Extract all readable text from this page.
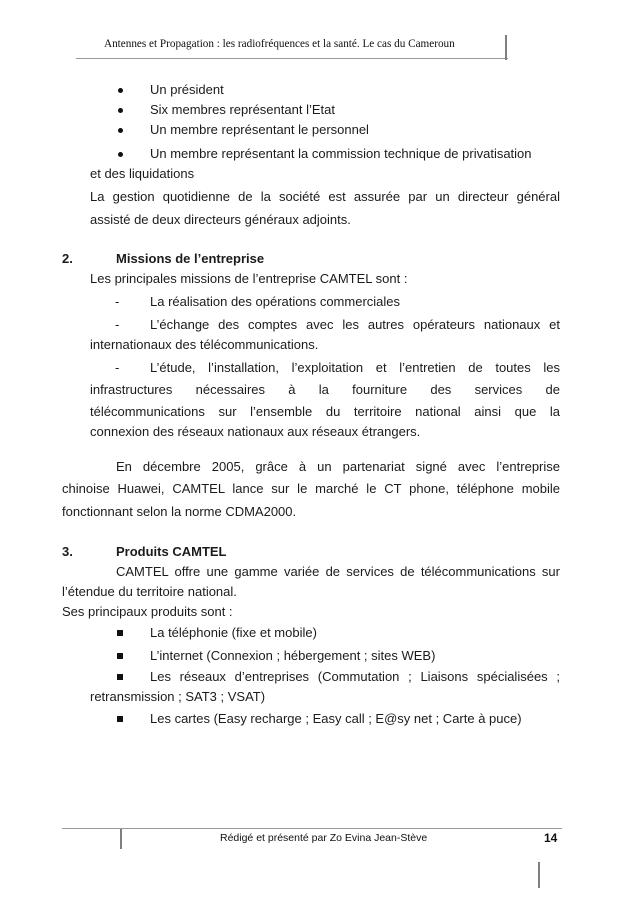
Antennes et Propagation : les radiofréquences et la santé. Le cas du Cameroun
Un président
Six membres représentant l’Etat
Un membre représentant le personnel
Un membre représentant la commission technique de privatisation
et des liquidations
La gestion quotidienne de la société est assurée par un directeur général
assisté de deux directeurs généraux adjoints.
2.	Missions de l’entreprise
Les principales missions de l’entreprise CAMTEL sont :
- La réalisation des opérations commerciales
- L’échange des comptes avec les autres opérateurs nationaux et
internationaux des télécommunications.
- L’étude, l’installation, l’exploitation et l’entretien de toutes les
infrastructures nécessaires à la fourniture des services de
télécommunications sur l’ensemble du territoire national ainsi que la
connexion des réseaux nationaux aux réseaux étrangers.
En décembre 2005, grâce à un partenariat signé avec l’entreprise
chinoise Huawei, CAMTEL lance sur le marché le CT phone, téléphone mobile
fonctionnant selon la norme CDMA2000.
3.	Produits CAMTEL
CAMTEL offre une gamme variée de services de télécommunications sur
l’étendue du territoire national.
Ses principaux produits sont :
La téléphonie (fixe et mobile)
L’internet (Connexion ; hébergement ; sites WEB)
Les réseaux d’entreprises (Commutation ; Liaisons spécialisées ;
retransmission ; SAT3 ; VSAT)
Les cartes (Easy recharge ; Easy call ; E@sy net ; Carte à puce)
Rédigé et présenté par Zo Evina Jean-Stève	14
